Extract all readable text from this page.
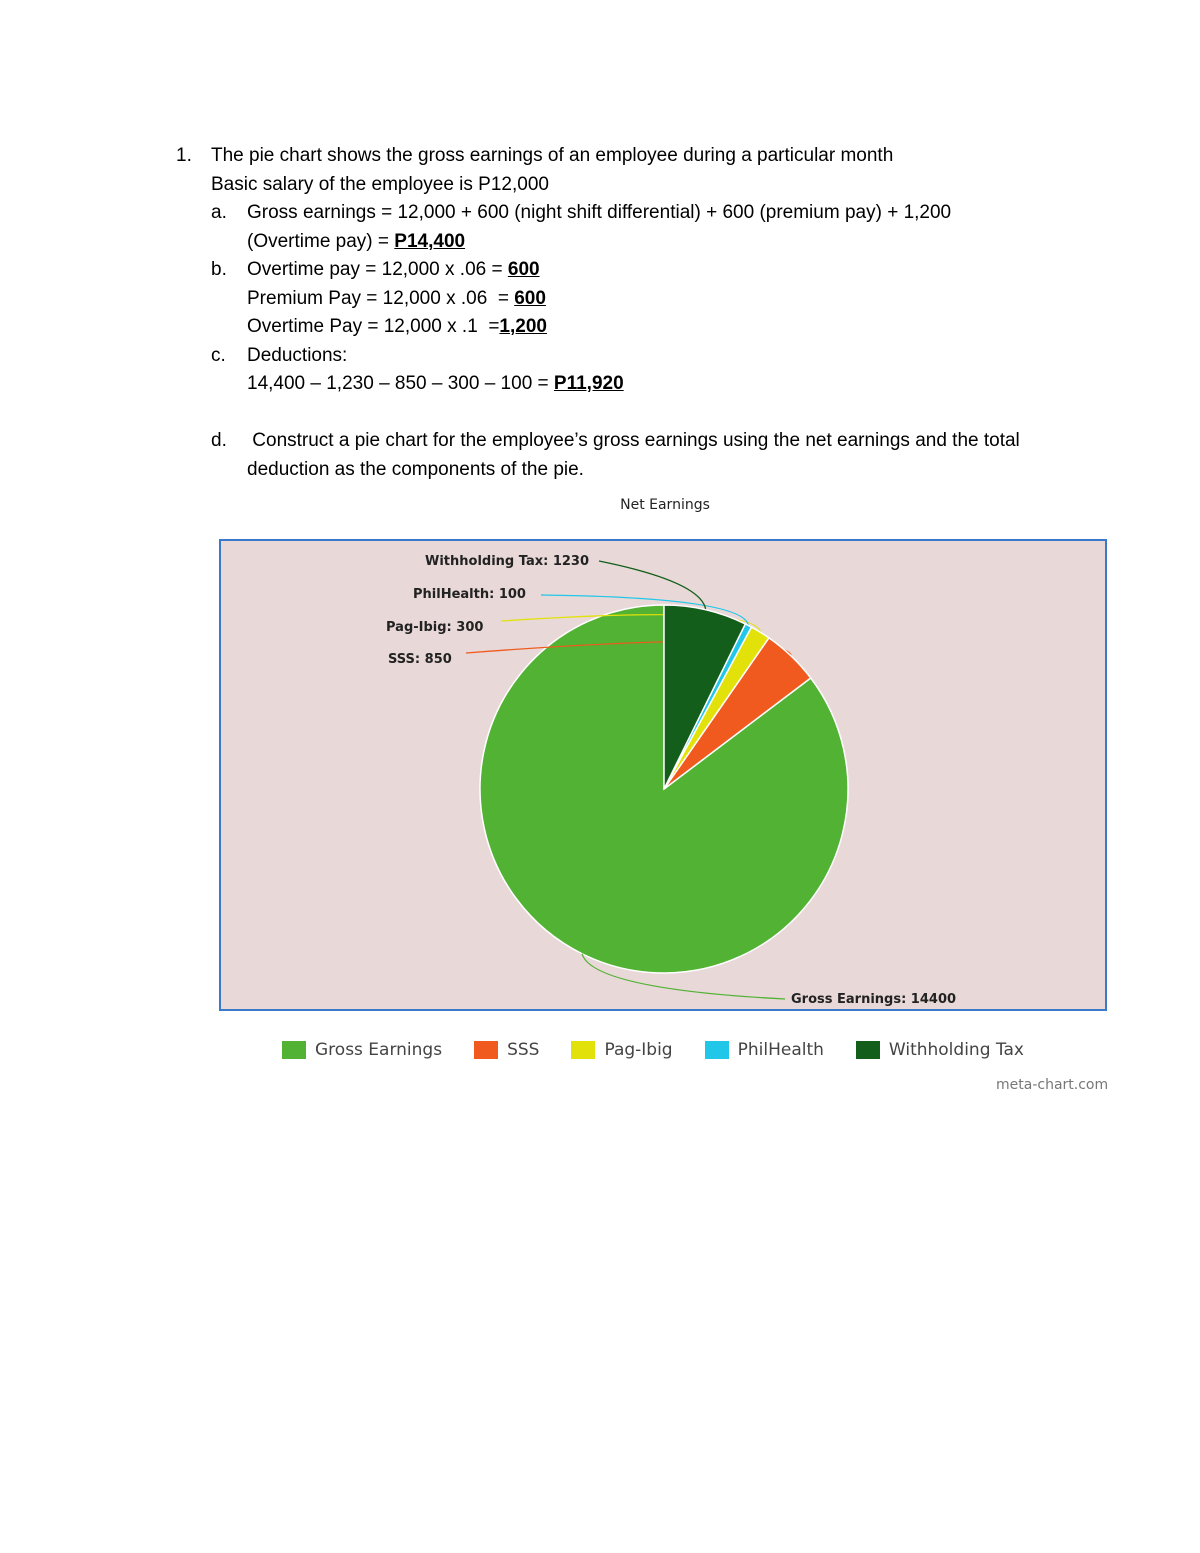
1. The pie chart shows the gross earnings of an employee during a particular month
Basic salary of the employee is P12,000
a. Gross earnings = 12,000 + 600 (night shift differential) + 600 (premium pay) + 1,200
(Overtime pay) = P14,400
b. Overtime pay = 12,000 x .06 = 600
Premium Pay = 12,000 x .06  = 600
Overtime Pay = 12,000 x .1  =1,200
c. Deductions:
14,400 – 1,230 – 850 – 300 – 100 = P11,920
d. Construct a pie chart for the employee’s gross earnings using the net earnings and the total
deduction as the components of the pie.
Net Earnings
Gross Earnings: 14400
SSS: 850
Pag-Ibig: 300
PhilHealth: 100
Withholding Tax: 1230
Gross Earnings	SSS	Pag-Ibig	PhilHealth	Withholding Tax
meta-chart.com
